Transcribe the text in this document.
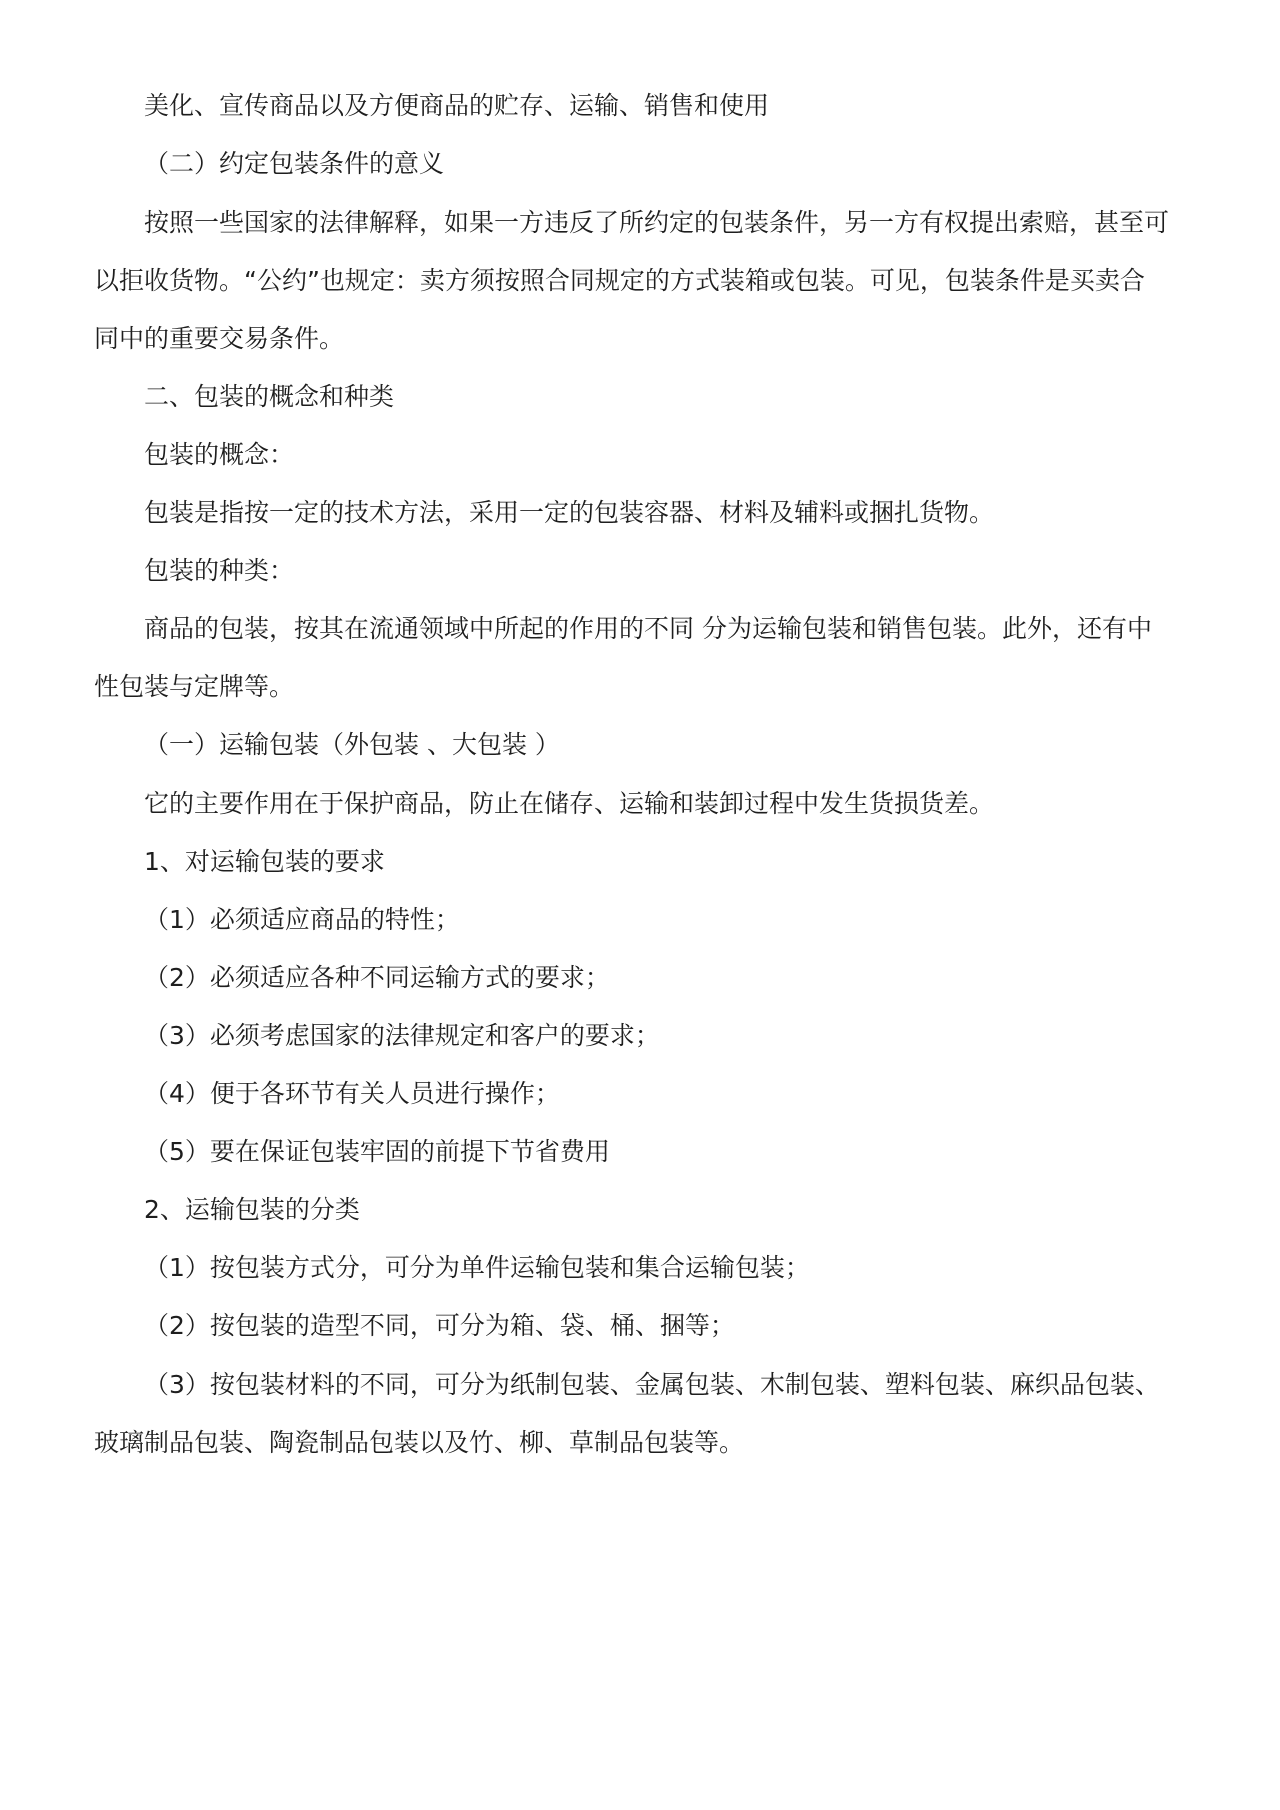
美化、宣传商品以及方便商品的贮存、运输、销售和使用

（二）约定包装条件的意义

按照一些国家的法律解释，如果一方违反了所约定的包装条件，另一方有权提出索赔，甚至可

以拒收货物。“公约”也规定：卖方须按照合同规定的方式装箱或包装。可见，包装条件是买卖合

同中的重要交易条件。

二、包装的概念和种类

包装的概念：

包装是指按一定的技术方法，采用一定的包装容器、材料及辅料或捆扎货物。

包装的种类：

商品的包装，按其在流通领域中所起的作用的不同 分为运输包装和销售包装。此外，还有中

性包装与定牌等。

（一）运输包装（外包装 、大包装 ）

它的主要作用在于保护商品，防止在储存、运输和装卸过程中发生货损货差。

1、对运输包装的要求

（1）必须适应商品的特性；

（2）必须适应各种不同运输方式的要求；

（3）必须考虑国家的法律规定和客户的要求；

（4）便于各环节有关人员进行操作；

（5）要在保证包装牢固的前提下节省费用

2、运输包装的分类

（1）按包装方式分，可分为单件运输包装和集合运输包装；

（2）按包装的造型不同，可分为箱、袋、桶、捆等；

（3）按包装材料的不同，可分为纸制包装、金属包装、木制包装、塑料包装、麻织品包装、

玻璃制品包装、陶瓷制品包装以及竹、柳、草制品包装等。
